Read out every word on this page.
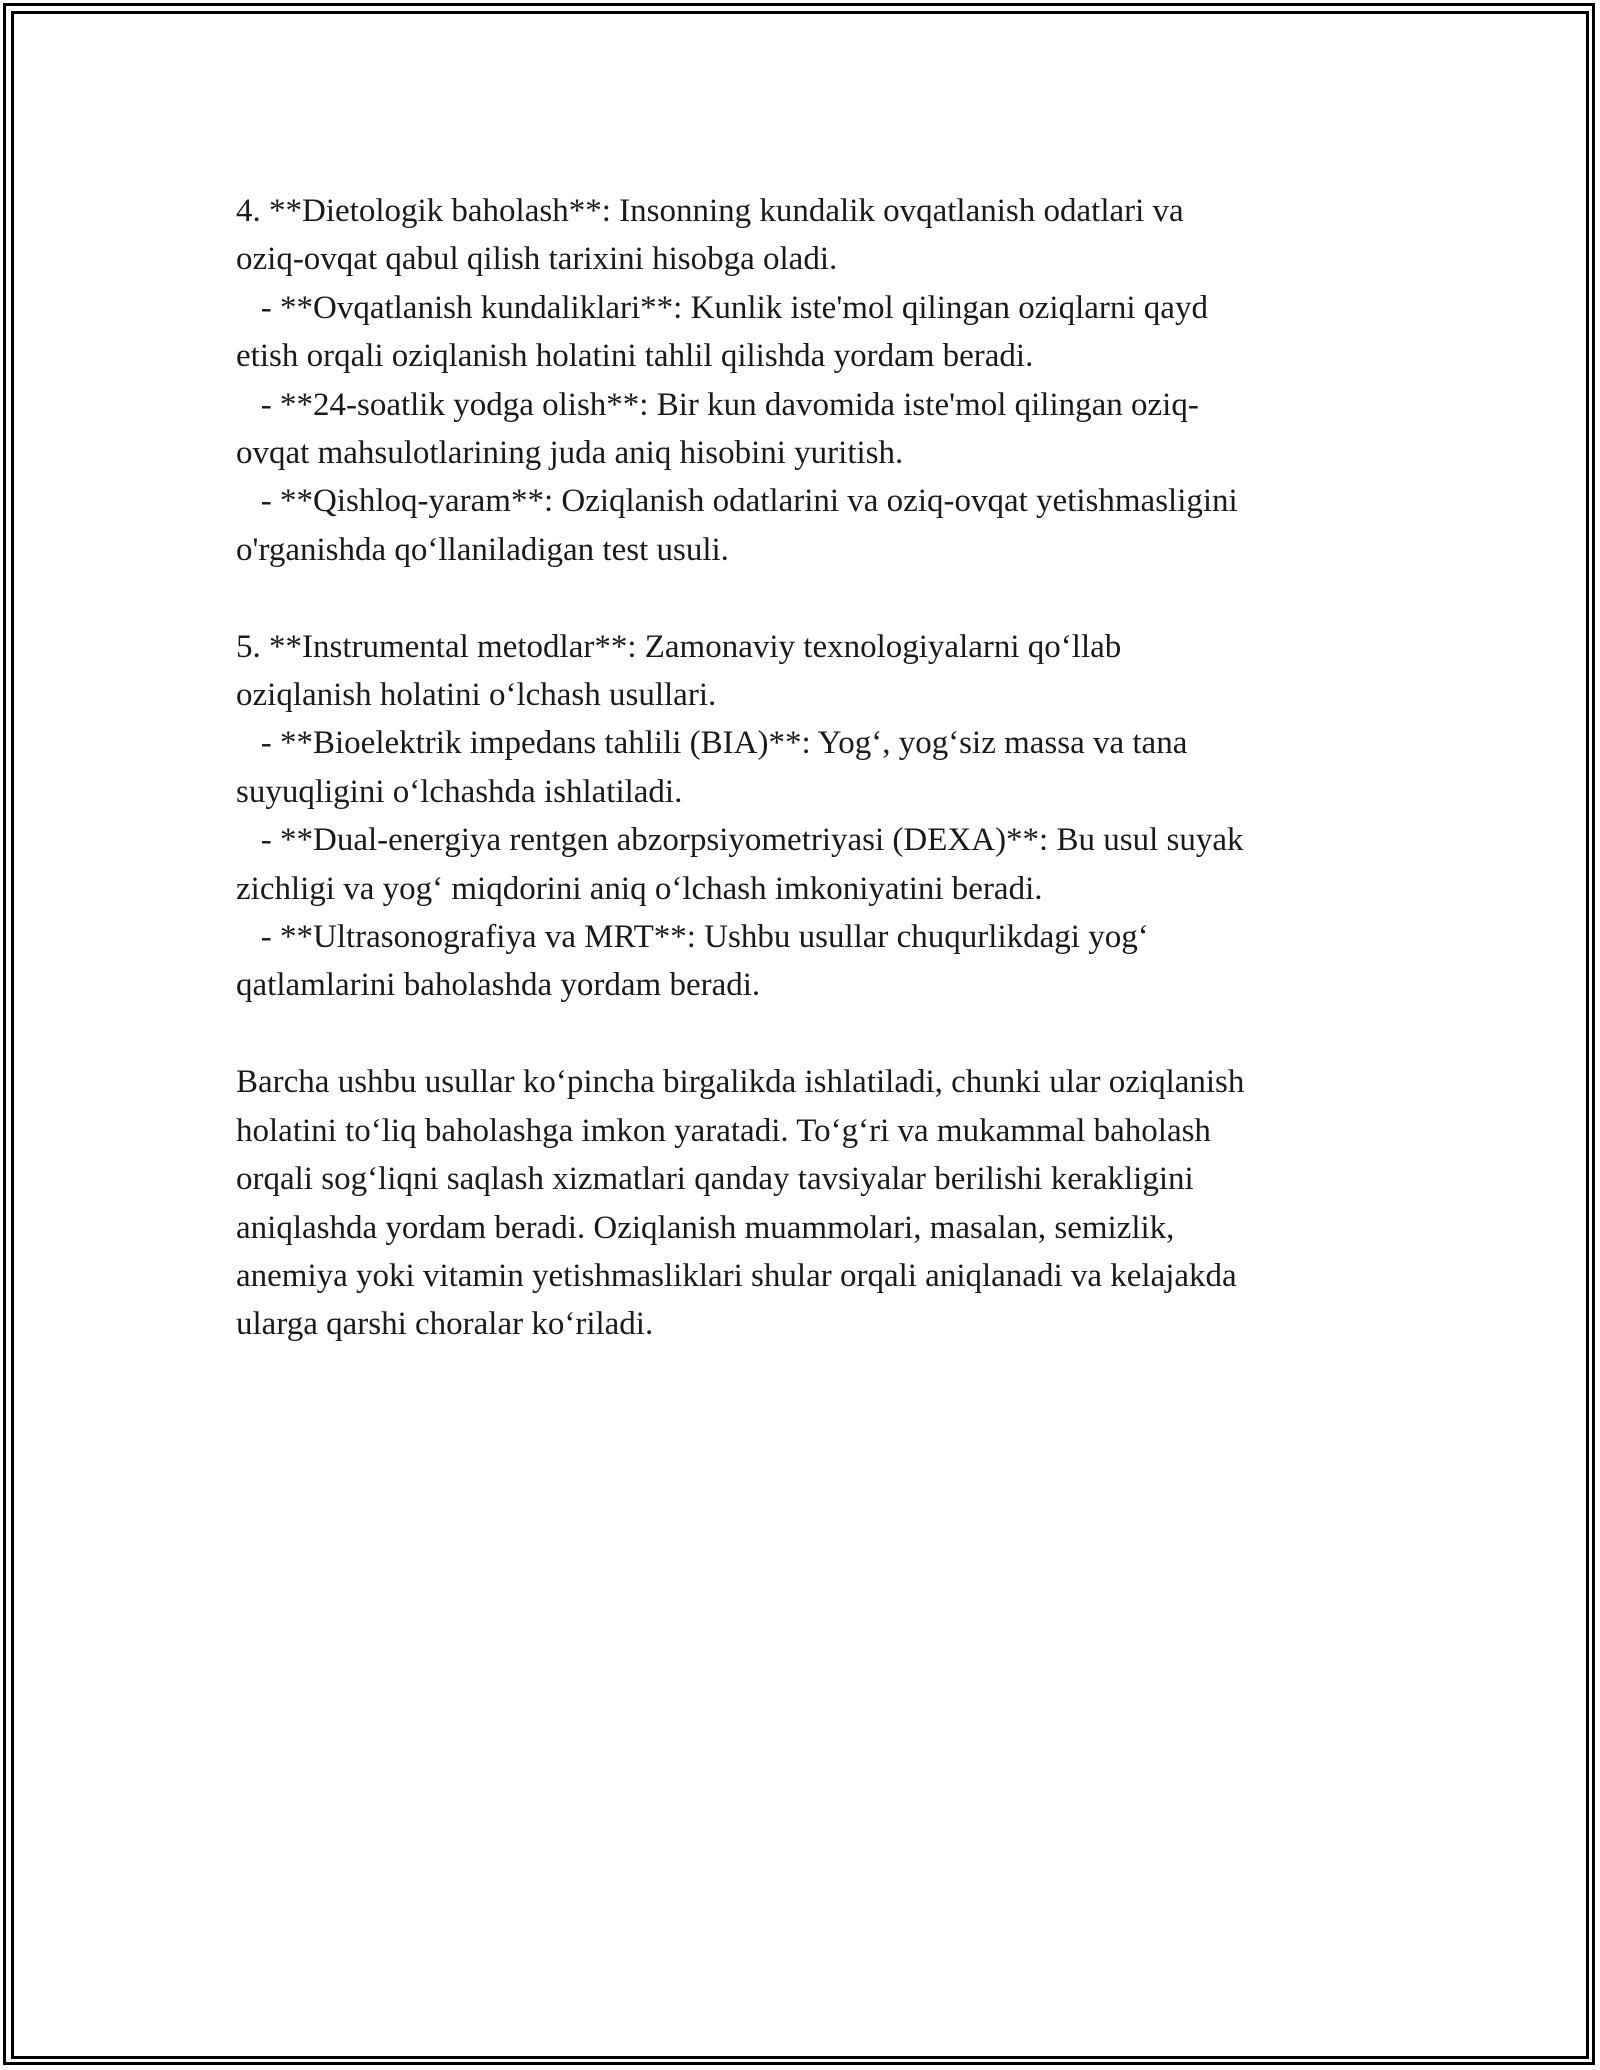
4. **Dietologik baholash**: Insonning kundalik ovqatlanish odatlari va
oziq-ovqat qabul qilish tarixini hisobga oladi.
- **Ovqatlanish kundaliklari**: Kunlik iste'mol qilingan oziqlarni qayd
etish orqali oziqlanish holatini tahlil qilishda yordam beradi.
- **24-soatlik yodga olish**: Bir kun davomida iste'mol qilingan oziq-
ovqat mahsulotlarining juda aniq hisobini yuritish.
- **Qishloq-yaram**: Oziqlanish odatlarini va oziq-ovqat yetishmasligini
o'rganishda qo‘llaniladigan test usuli.
5. **Instrumental metodlar**: Zamonaviy texnologiyalarni qo‘llab
oziqlanish holatini o‘lchash usullari.
- **Bioelektrik impedans tahlili (BIA)**: Yog‘, yog‘siz massa va tana
suyuqligini o‘lchashda ishlatiladi.
- **Dual-energiya rentgen abzorpsiyometriyasi (DEXA)**: Bu usul suyak
zichligi va yog‘ miqdorini aniq o‘lchash imkoniyatini beradi.
- **Ultrasonografiya va MRT**: Ushbu usullar chuqurlikdagi yog‘
qatlamlarini baholashda yordam beradi.
Barcha ushbu usullar ko‘pincha birgalikda ishlatiladi, chunki ular oziqlanish
holatini to‘liq baholashga imkon yaratadi. To‘g‘ri va mukammal baholash
orqali sog‘liqni saqlash xizmatlari qanday tavsiyalar berilishi kerakligini
aniqlashda yordam beradi. Oziqlanish muammolari, masalan, semizlik,
anemiya yoki vitamin yetishmasliklari shular orqali aniqlanadi va kelajakda
ularga qarshi choralar ko‘riladi.
